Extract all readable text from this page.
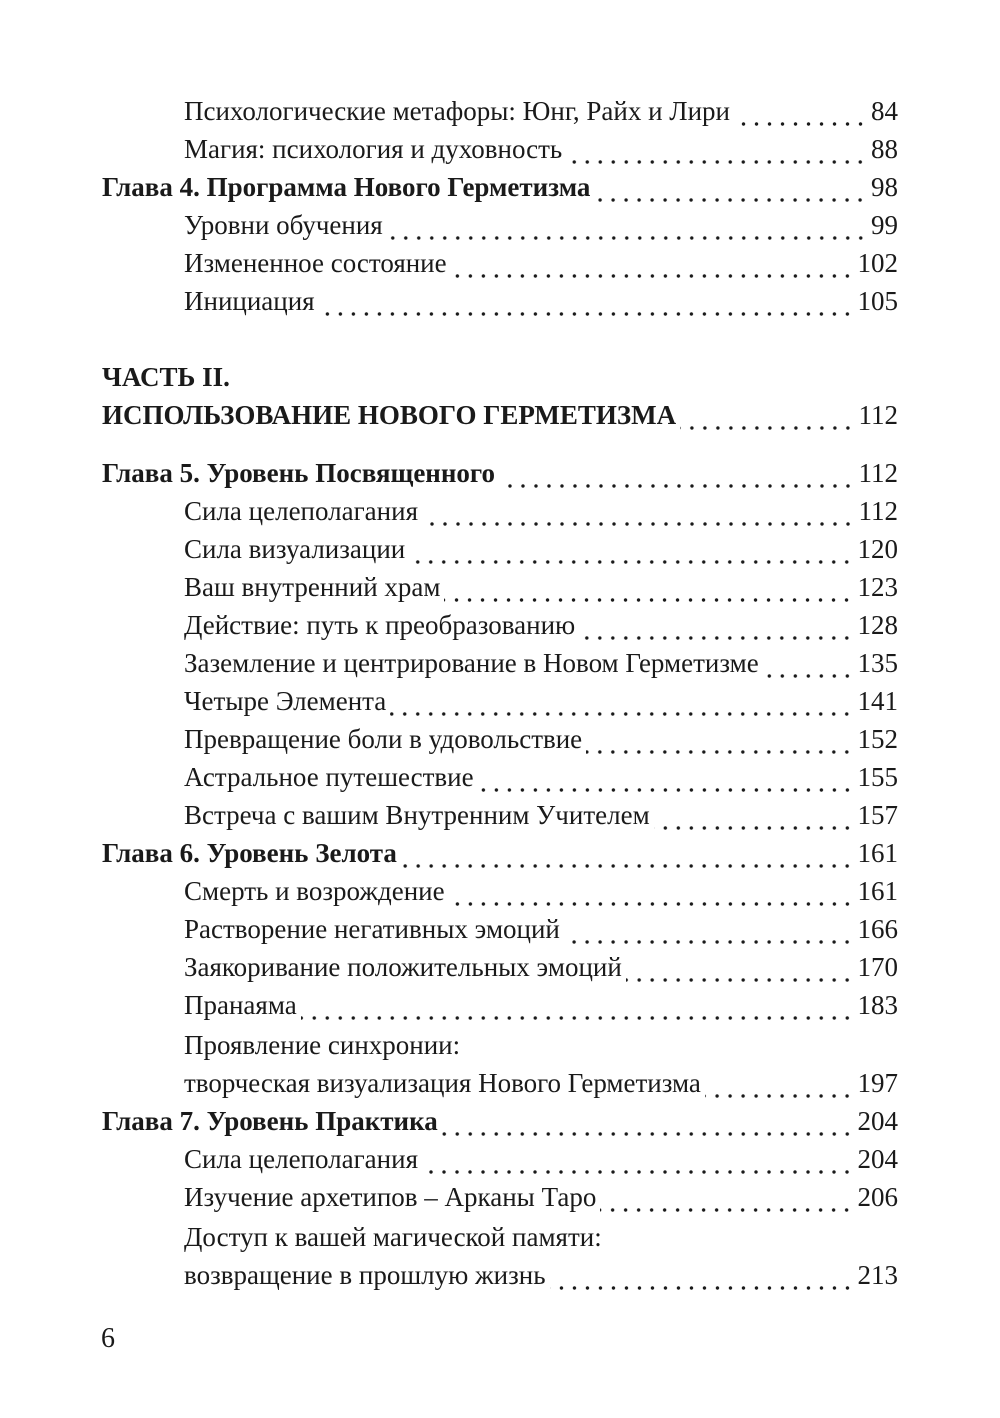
Психологические метафоры: Юнг, Райх и Лири	84
Магия: психология и духовность	88
Глава 4. Программа Нового Герметизма	98
Уровни обучения	99
Измененное состояние	102
Инициация	105
ЧАСТЬ II.
ИСПОЛЬЗОВАНИЕ НОВОГО ГЕРМЕТИЗМА	112
Глава 5. Уровень Посвященного	112
Сила целеполагания	112
Сила визуализации	120
Ваш внутренний храм	123
Действие: путь к преобразованию	128
Заземление и центрирование в Новом Герметизме	135
Четыре Элемента	141
Превращение боли в удовольствие	152
Астральное путешествие	155
Встреча с вашим Внутренним Учителем	157
Глава 6. Уровень Зелота	161
Смерть и возрождение	161
Растворение негативных эмоций	166
Заякоривание положительных эмоций	170
Пранаяма	183
Проявление синхронии:
творческая визуализация Нового Герметизма	197
Глава 7. Уровень Практика	204
Сила целеполагания	204
Изучение архетипов – Арканы Таро	206
Доступ к вашей магической памяти:
возвращение в прошлую жизнь	213
6
